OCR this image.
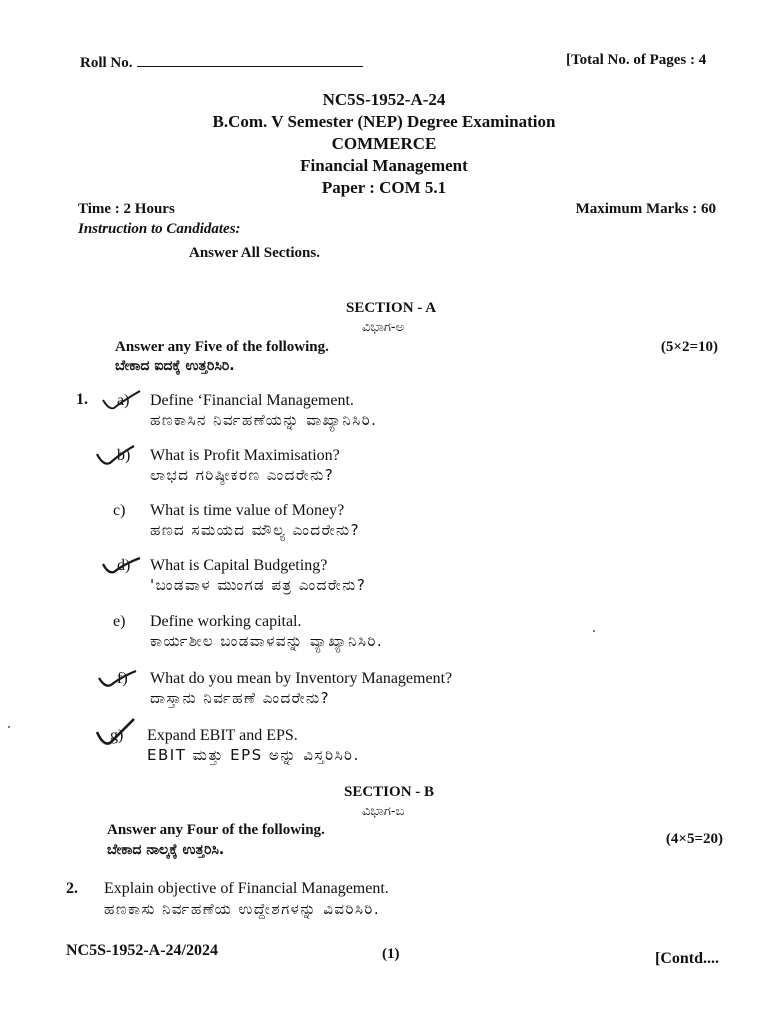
Roll No.	[Total No. of Pages : 4
NC5S-1952-A-24
B.Com. V Semester (NEP) Degree Examination
COMMERCE
Financial Management
Paper : COM 5.1
Time : 2 Hours	Maximum Marks : 60
Instruction to Candidates:
Answer All Sections.
SECTION - A
ವಿಭಾಗ-ಅ
Answer any Five of the following.	(5×2=10)
ಬೇಕಾದ ಐದಕ್ಕೆ ಉತ್ತರಿಸಿರಿ.
1. a) Define ‘Financial Management.
ಹಣಕಾಸಿನ ನಿರ್ವಹಣೆಯನ್ನು ವಾಖ್ಯಾನಿಸಿರಿ.
b) What is Profit Maximisation?
ಲಾಭದ ಗರಿಷ್ಠೀಕರಣ ಎಂದರೇನು?
c) What is time value of Money?
ಹಣದ ಸಮಯದ ಮೌಲ್ಯ ಎಂದರೇನು?
d) What is Capital Budgeting?
'ಬಂಡವಾಳ ಮುಂಗಡ ಪತ್ರ ಎಂದರೇನು?
e) Define working capital.
ಕಾರ್ಯಶೀಲ ಬಂಡವಾಳವನ್ನು ವ್ಯಾಖ್ಯಾನಿಸಿರಿ.
f) What do you mean by Inventory Management?
ದಾಸ್ತಾನು ನಿರ್ವಹಣೆ ಎಂದರೇನು?
g) Expand EBIT and EPS.
EBIT ಮತ್ತು EPS ಅನ್ನು ವಿಸ್ತರಿಸಿರಿ.
SECTION - B
ವಿಭಾಗ-ಬ
Answer any Four of the following.
(4×5=20)
ಬೇಕಾದ ನಾಲ್ಕಕ್ಕೆ ಉತ್ತರಿಸಿ.
2. Explain objective of Financial Management.
ಹಣಕಾಸು ನಿರ್ವಹಣೆಯ ಉದ್ದೇಶಗಳನ್ನು ವಿವರಿಸಿರಿ.
NC5S-1952-A-24/2024	(1)	[Contd....
